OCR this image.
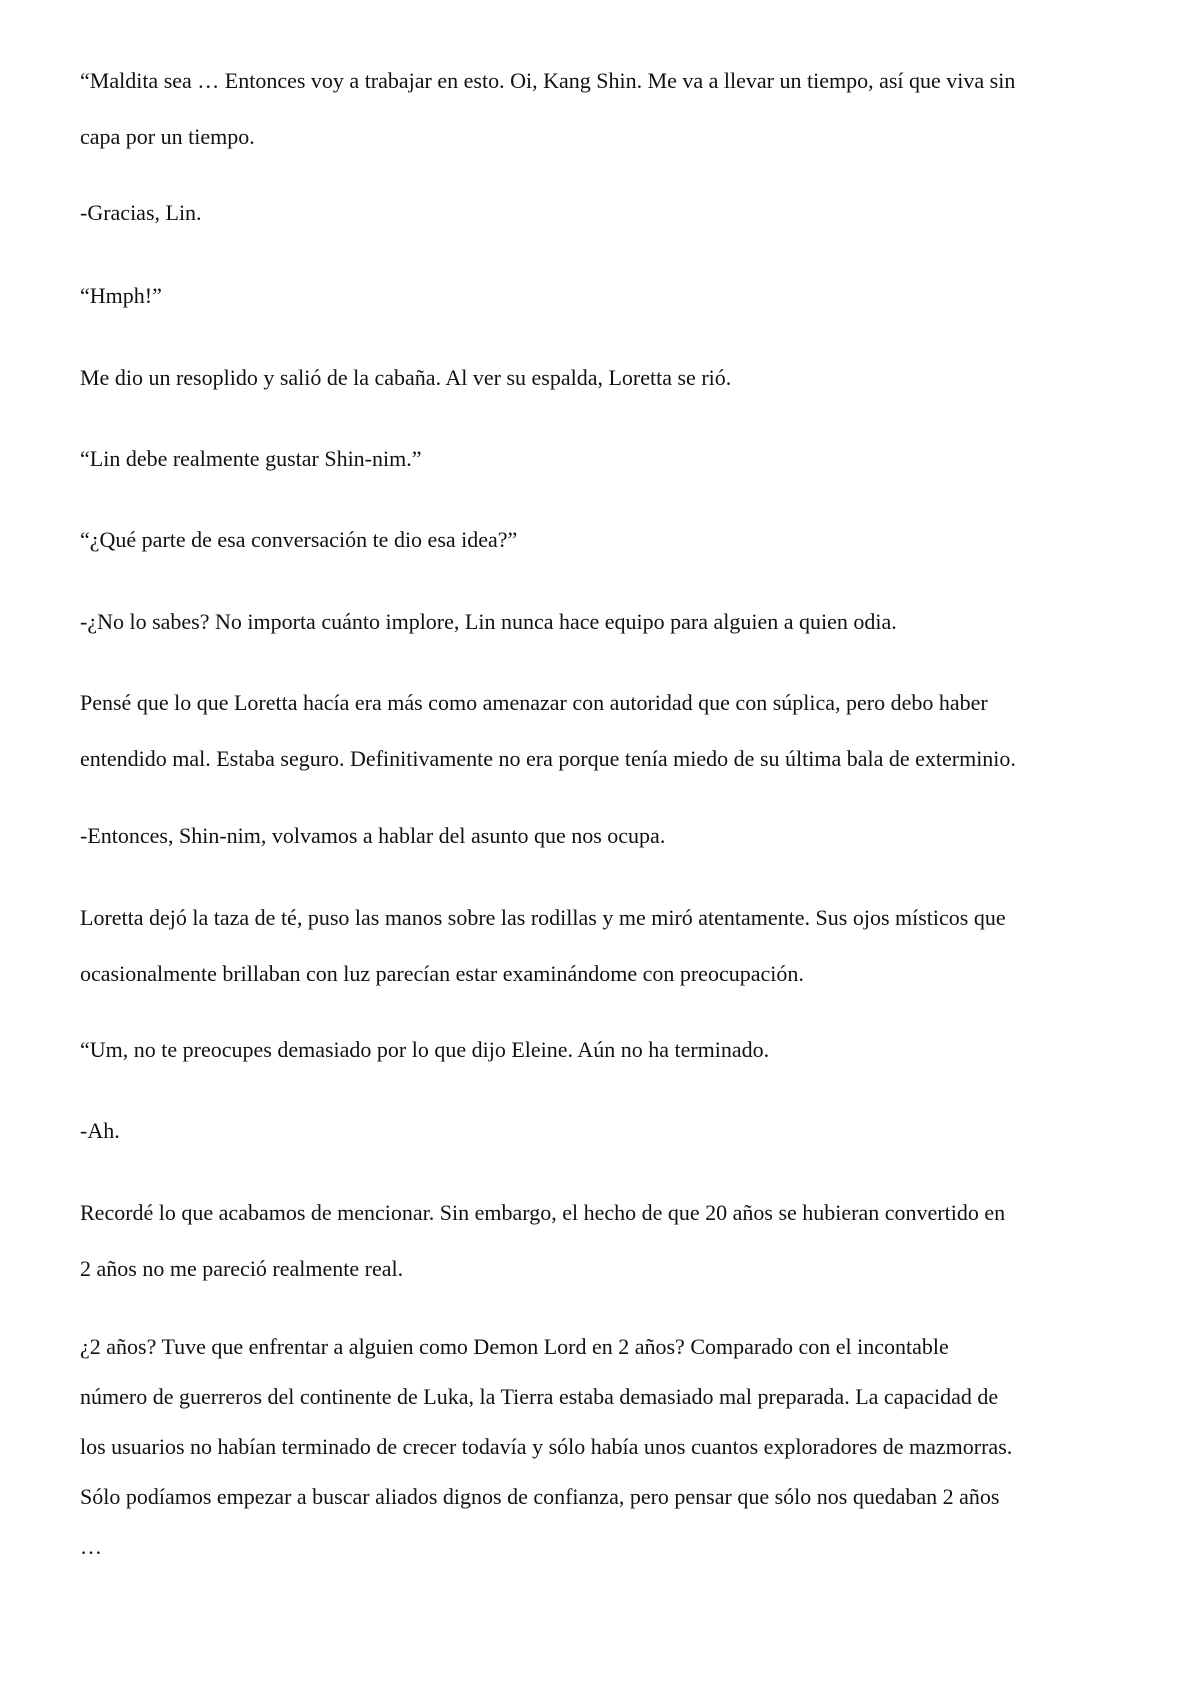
“Maldita sea … Entonces voy a trabajar en esto. Oi, Kang Shin. Me va a llevar un tiempo, así que viva sin
capa por un tiempo.

-Gracias, Lin.

“Hmph!”

Me dio un resoplido y salió de la cabaña. Al ver su espalda, Loretta se rió.

“Lin debe realmente gustar Shin-nim.”

“¿Qué parte de esa conversación te dio esa idea?”

-¿No lo sabes? No importa cuánto implore, Lin nunca hace equipo para alguien a quien odia.

Pensé que lo que Loretta hacía era más como amenazar con autoridad que con súplica, pero debo haber
entendido mal. Estaba seguro. Definitivamente no era porque tenía miedo de su última bala de exterminio.

-Entonces, Shin-nim, volvamos a hablar del asunto que nos ocupa.

Loretta dejó la taza de té, puso las manos sobre las rodillas y me miró atentamente. Sus ojos místicos que
ocasionalmente brillaban con luz parecían estar examinándome con preocupación.

“Um, no te preocupes demasiado por lo que dijo Eleine. Aún no ha terminado.

-Ah.

Recordé lo que acabamos de mencionar. Sin embargo, el hecho de que 20 años se hubieran convertido en
2 años no me pareció realmente real.

¿2 años? Tuve que enfrentar a alguien como Demon Lord en 2 años? Comparado con el incontable
número de guerreros del continente de Luka, la Tierra estaba demasiado mal preparada. La capacidad de
los usuarios no habían terminado de crecer todavía y sólo había unos cuantos exploradores de mazmorras.
Sólo podíamos empezar a buscar aliados dignos de confianza, pero pensar que sólo nos quedaban 2 años
…
